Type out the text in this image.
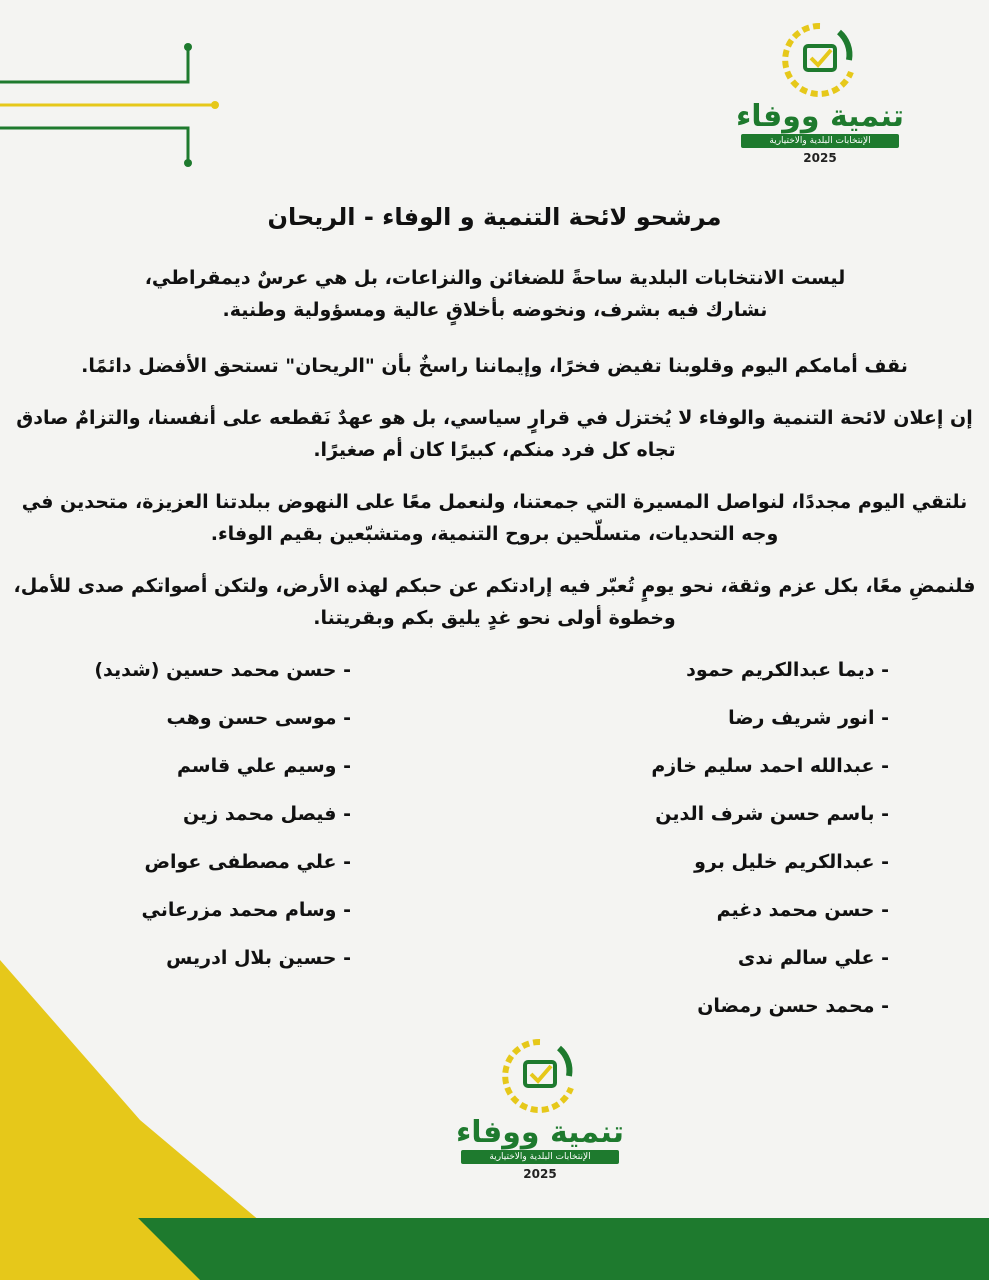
تنمية ووفاء
الإنتخابات البلدية والاختيارية
2025
مرشحو لائحة التنمية و الوفاء - الريحان

ليست الانتخابات البلدية ساحةً للضغائن والنزاعات، بل هي عرسٌ ديمقراطي، نشارك فيه بشرف، ونخوضه بأخلاقٍ عالية ومسؤولية وطنية.

نقف أمامكم اليوم وقلوبنا تفيض فخرًا، وإيماننا راسخٌ بأن "الريحان" تستحق الأفضل دائمًا.

إن إعلان لائحة التنمية والوفاء لا يُختزل في قرارٍ سياسي، بل هو عهدٌ نَقطعه على أنفسنا، والتزامٌ صادق تجاه كل فرد منكم، كبيرًا كان أم صغيرًا.

نلتقي اليوم مجددًا، لنواصل المسيرة التي جمعتنا، ولنعمل معًا على النهوض ببلدتنا العزيزة، متحدين في وجه التحديات، متسلّحين بروح التنمية، ومتشبّعين بقيم الوفاء.

فلنمضِ معًا، بكل عزم وثقة، نحو يومٍ تُعبّر فيه إرادتكم عن حبكم لهذه الأرض، ولتكن أصواتكم صدى للأمل، وخطوة أولى نحو غدٍ يليق بكم وبقريتنا.

- ديما عبدالكريم حمود
- انور شريف رضا
- عبدالله احمد سليم خازم
- باسم حسن شرف الدين
- عبدالكريم خليل برو
- حسن محمد دغيم
- علي سالم ندى
- محمد حسن رمضان
- حسن محمد حسين (شديد)
- موسى حسن وهب
- وسيم علي قاسم
- فيصل محمد زين
- علي مصطفى عواض
- وسام محمد مزرعاني
- حسين بلال ادريس
تنمية ووفاء
الإنتخابات البلدية والاختيارية
2025
